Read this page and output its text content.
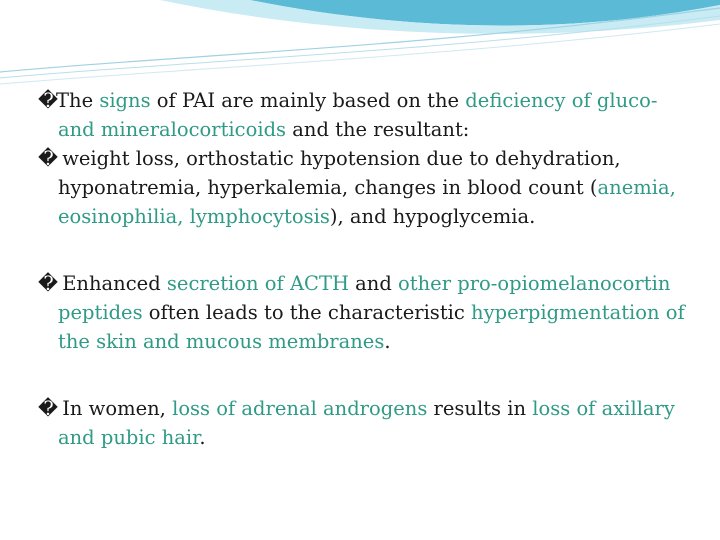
�The signs of PAI are mainly based on the deficiency of gluco- and mineralocorticoids and the resultant:

� weight loss, orthostatic hypotension due to dehydration, hyponatremia, hyperkalemia, changes in blood count (anemia, eosinophilia, lymphocytosis), and hypoglycemia.

� Enhanced secretion of ACTH and other pro-opiomelanocortin peptides often leads to the characteristic hyperpigmentation of the skin and mucous membranes.

� In women, loss of adrenal androgens results in loss of axillary and pubic hair.
